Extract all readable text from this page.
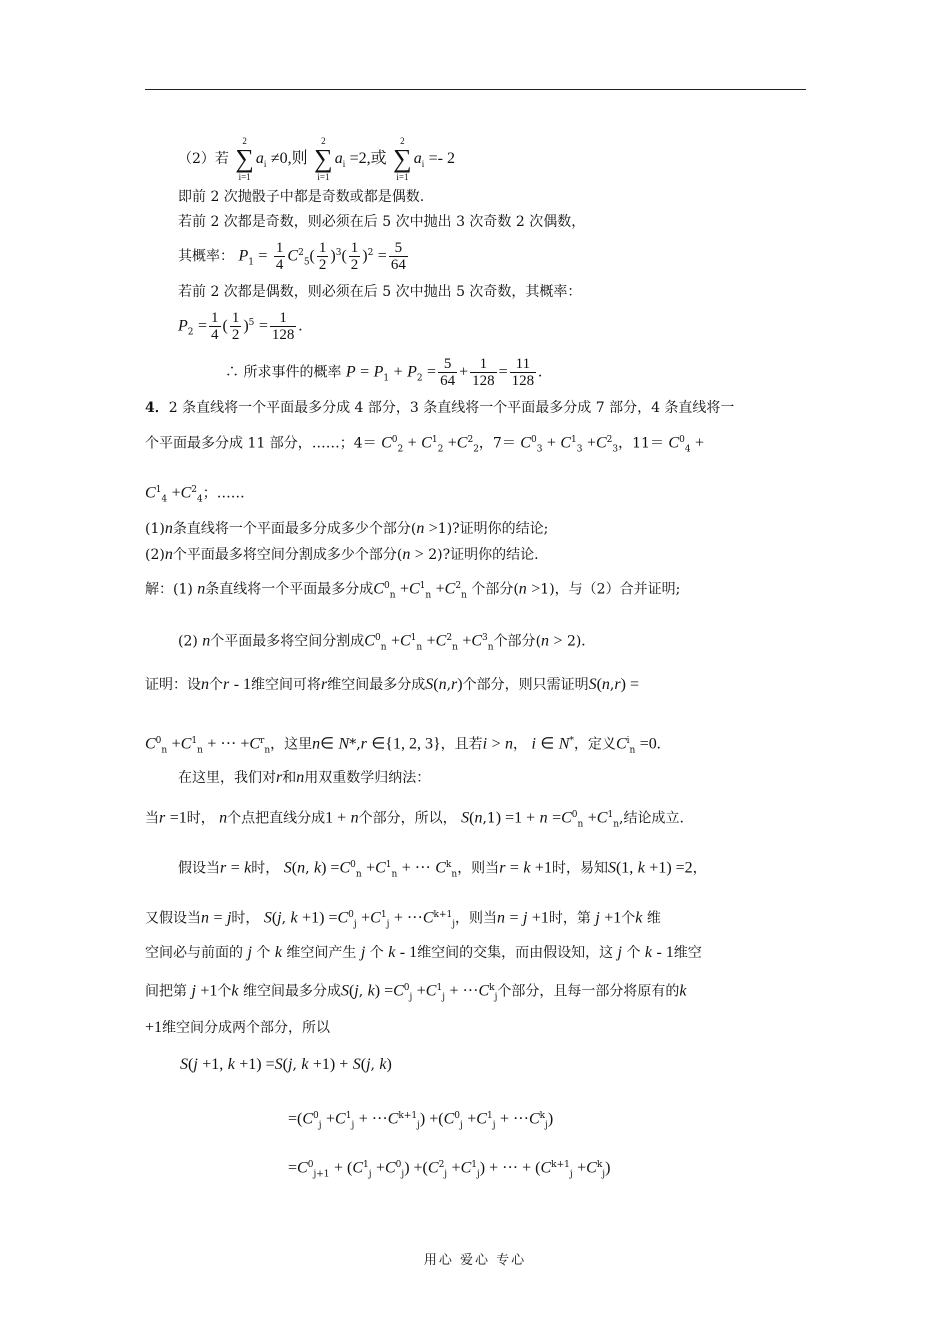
（2）若
2
∑
i=1
$a_i \ne 0$,则
2
∑
i=1
$a_i =2$,或
2
∑
i=1
$a_i =- 2$
即前 2 次抛骰子中都是奇数或都是偶数.
若前 2 次都是奇数，则必须在后 5 次中抛出 3 次奇数 2 次偶数，
其概率： $P_1 = \frac{1}{4} C^2_5( \frac{1}{2} )^3( \frac{1}{2} )^2 = \frac{5}{64}$
若前 2 次都是偶数，则必须在后 5 次中抛出 5 次奇数，其概率：
$P_2 = \frac{1}{4}$ ( $\frac{1}{2} )^5 = \frac{1}{128}$ .
∴ 所求事件的概率 $P = P_1 + P_2 = \frac{5}{64} + \frac{1}{128} = \frac{11}{128}$ .
4．2 条直线将一个平面最多分成 4 部分，3 条直线将一个平面最多分成 7 部分，4 条直线将一
个平面最多分成 11 部分，……；$4= C^0_2 + C^1_2 +C^2_2$，$7= C^0_3 + C^1_3 +C^2_3$，$11= C^0_4$ +
$C^1_4 +C^2_4$；……
(1)n条直线将一个平面最多分成多少个部分(n >1)?证明你的结论;
(2)n个平面最多将空间分割成多少个部分(n > 2)?证明你的结论.
解：(1) n条直线将一个平面最多分成$C^0_n +C^1_n +C^2_n$ 个部分(n >1)，与（2）合并证明;
(2) n个平面最多将空间分割成$C^0_n +C^1_n +C^2_n +C^3_n$个部分(n > 2).
证明：设n个r - 1维空间可将r维空间最多分成S(n,r)个部分，则只需证明S(n,r) =
$C^0_n +C^1_n$ + ··· $+C^r_n$，这里n∈ N*,r ∈{1, 2, 3}，且若i > n， i ∈ N*，定义$C^i_n =0$.
在这里，我们对r和n用双重数学归纳法：
当r =1时， n个点把直线分成1 + n个部分，所以， $S(n,1) =1 + n =C^0_n +C^1_n$,结论成立.
假设当r = k时， S(n, $k) =C^0_n +C^1_n$ + ··· $C^k_n$，则当r = k +1时，易知S(1, k +1) =2，
又假设当n = j时， S(j, $k +1) =C^0_j +C^1_j + \cdot\cdot\cdot C^{k+1}_j$，则当n = j +1时，第 j +1个k 维
空间必与前面的 j 个 k 维空间产生 j 个 k - 1维空间的交集，而由假设知，这 j 个 k - 1维空
间把第 j +1个k 维空间最多分成S(j, $k) =C^0_j +C^1_j + \cdot\cdot\cdot C^k_j$个部分，且每一部分将原有的k
+1维空间分成两个部分，所以
S(j +1, k +1) =S(j, k +1) + S(j, k)
$=(C^0_j +C^1_j + \cdot\cdot\cdot C^{k+1}_j) +(C^0_j +C^1_j + \cdot\cdot\cdot C^k_j)$
$=C^0_{j+1} + (C^1_j +C^0_j) +(C^2_j +C^1_j)$ + ··· + $(C^{k+1}_j +C^k_j)$
用心 爱心 专心
